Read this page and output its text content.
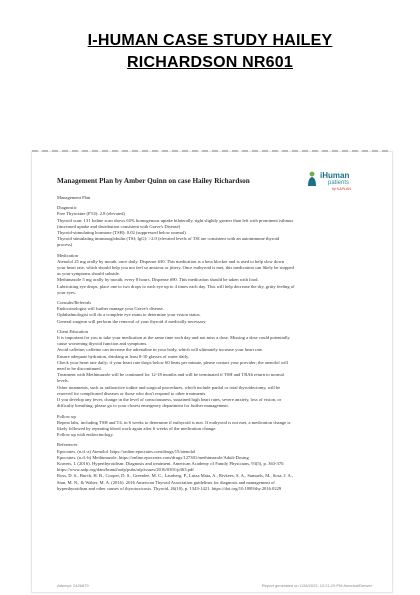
I-HUMAN CASE STUDY HAILEY
RICHARDSON NR601
Management Plan by Amber Quinn on case Hailey Richardson
iHuman
patients
by KAPLAN
Management Plan
Diagnostic
Free Thyroxine (FT4): 2.8 (elevated)
Thyroid scan: 131 Iodine scan shows 65% homogenous uptake bilaterally, right slightly greater than left with prominent isthmus
(increased uptake and distribution consistent with Grave's Disease)
Thyroid-stimulating hormone (TSH): 0.02 (suppressed below normal)
Thyroid stimulating immunoglobulin (TSI; IgG): >2.0 (elevated levels of TSI are consistent with an autoimmune thyroid
process)
Medication
Atenolol 25 mg orally by mouth, once daily. Dispense #30. This medication is a beta blocker and is used to help slow down
your heart rate, which should help you not feel so anxious or jittery. Once euthyroid is met, this medication can likely be stopped
as your symptoms should subside.
Methimazole 5 mg orally by mouth, every 8 hours. Dispense #90. This medication should be taken with food.
Lubricating eye drops, place one to two drops to each eye up to 4 times each day. This will help decrease the dry, gritty feeling of
your eyes.
Consults/Referrals
Endocrinologist will further manage your Grave's disease.
Ophthalmologist will do a complete eye exam to determine your vision status.
General surgeon will perform the removal of your thyroid if medically necessary.
Client Education
It is important for you to take your medication at the same time each day and not miss a dose. Missing a dose could potentially
cause worsening thyroid function and symptoms.
Avoid caffeine; caffeine can increase the adrenaline in your body, which will ultimately increase your heart rate.
Ensure adequate hydration, drinking at least 8-10 glasses of water daily.
Check your heart rate daily; if your heart rate drops below 60 beats per minute, please contact your provider; the atenolol will
need to be discontinued.
Treatment with Methimazole will be continued for 12-18 months and will be terminated if TSH and TRAb return to normal
levels.
Other treatments, such as radioactive iodine and surgical procedures, which include partial or total thyroidectomy, will be
reserved for complicated diseases or those who don't respond to other treatments.
If you develop any fever, change in the level of consciousness, sustained high heart rates, severe anxiety, loss of vision, or
difficulty breathing, please go to your closest emergency department for further management.
Follow up
Repeat labs, including TSH and T4, in 6 weeks to determine if euthyroid is met. If euthyroid is not met, a medication change is
likely followed by repeating blood work again after 6 weeks of the medication change.
Follow up with endocrinology.
References
Epocrates. (n.d.-a) Atenolol. https://online.epocrates.com/drugs/15/atenolol
Epocrates. (n.d.-b) Methimazole. https://online.epocrates.com/drugs/127301/methimazole/Adult-Dosing
Kravets, I. (2016). Hyperthyroidism: Diagnosis and treatment. American Academy of Family Physicians, 93(5), p. 363-370.
https://www.aafp.org/dam/brand/aafp/pubs/afp/issues/2016/0301/p363.pdf
Ross, D. S., Burch, H. B., Cooper, D. S., Greenlee, M. C., Laurberg, P., Luiza Maia, A., Rivkees, S. A., Samuels, M., Sosa, J. A.,
Stan, M. N., & Walter, M. A. (2016). 2016 American Thyroid Association guidelines for diagnosis and management of
hyperthyroidism and other causes of thyrotoxicosis. Thyroid, 26(10), p. 1343-1421. https://doi.org/10.1089/thy.2016.0229
Attempt: 2426879	Report generated on 1/26/2023, 12:21:29 PM America/Denver
